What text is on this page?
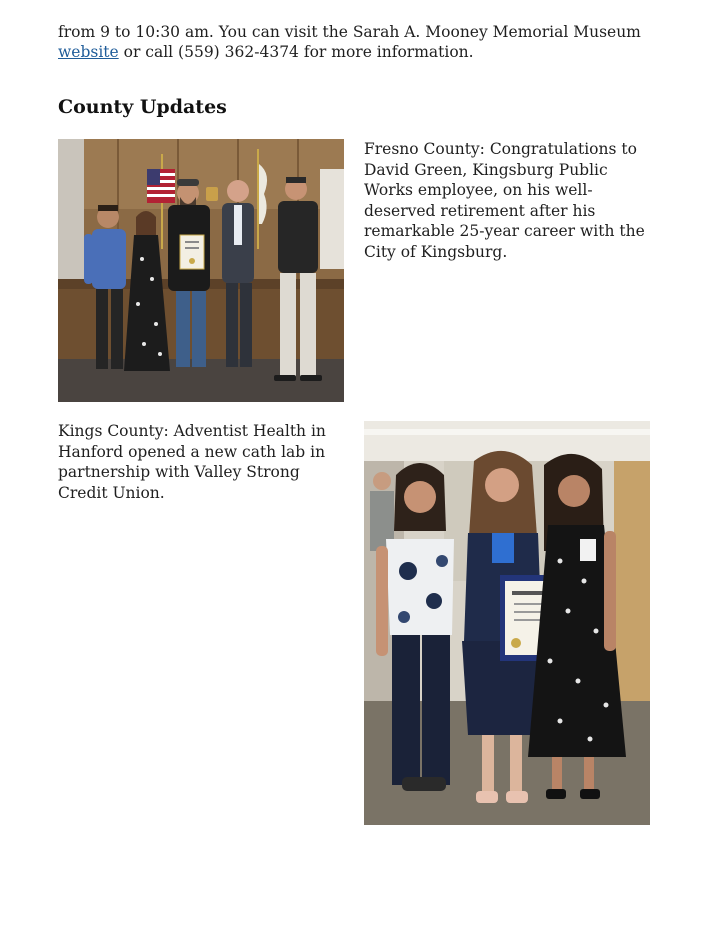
from 9 to 10:30 am. You can visit the Sarah A. Mooney Memorial Museum
website or call (559) 362-4374 for more information.
County Updates

Fresno County: Congratulations to David Green, Kingsburg Public Works employee, on his well-deserved retirement after his remarkable 25-year career with the City of Kingsburg.

Kings County: Adventist Health in Hanford opened a new cath lab in partnership with Valley Strong Credit Union.
